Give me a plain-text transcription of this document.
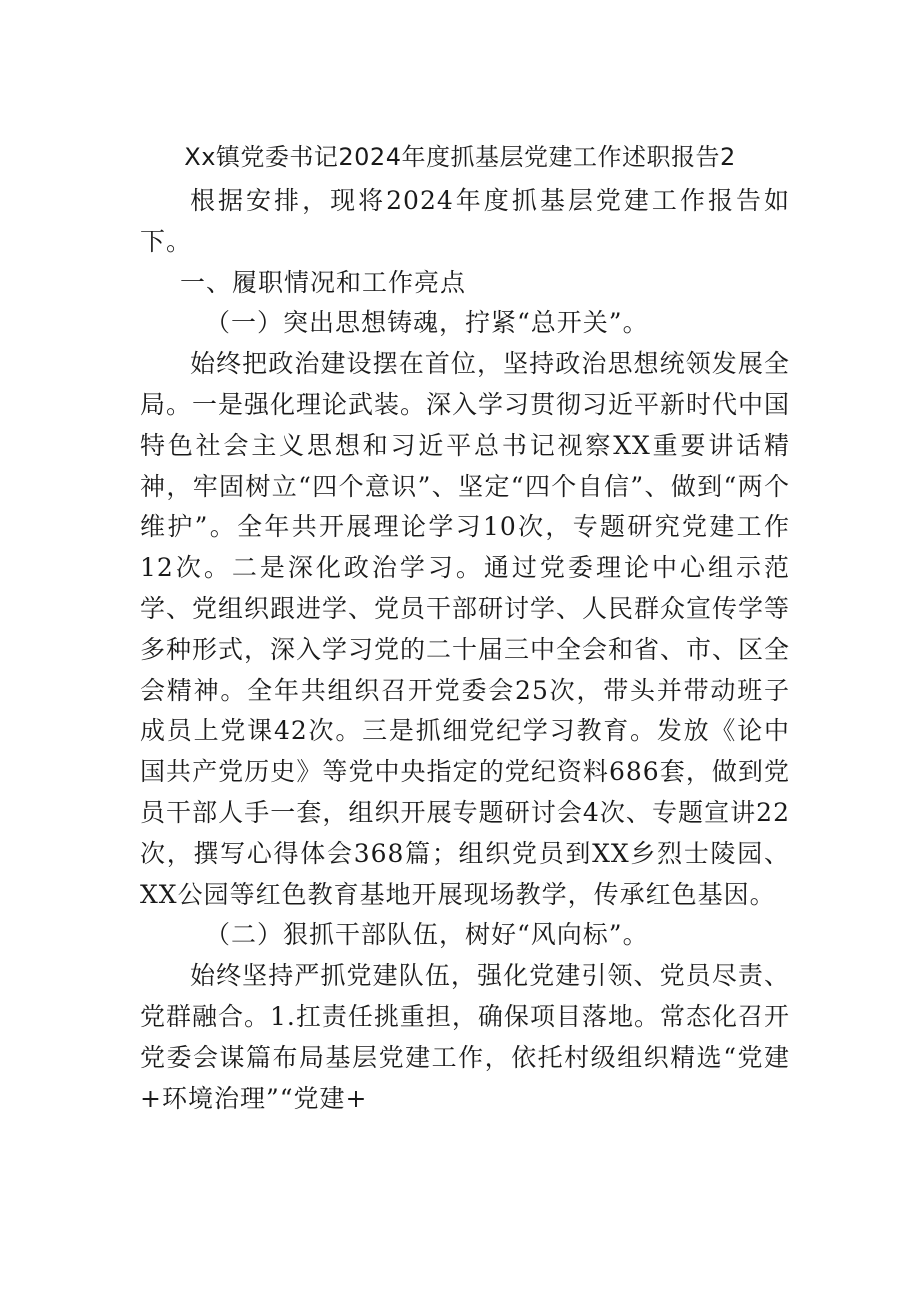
Xx镇党委书记2024年度抓基层党建工作述职报告2

根据安排，现将2024年度抓基层党建工作报告如下。

一、履职情况和工作亮点

（一）突出思想铸魂，拧紧“总开关”。

始终把政治建设摆在首位，坚持政治思想统领发展全局。一是强化理论武装。深入学习贯彻习近平新时代中国特色社会主义思想和习近平总书记视察XX重要讲话精神，牢固树立“四个意识”、坚定“四个自信”、做到“两个维护”。全年共开展理论学习10次，专题研究党建工作12次。二是深化政治学习。通过党委理论中心组示范学、党组织跟进学、党员干部研讨学、人民群众宣传学等多种形式，深入学习党的二十届三中全会和省、市、区全会精神。全年共组织召开党委会25次，带头并带动班子成员上党课42次。三是抓细党纪学习教育。发放《论中国共产党历史》等党中央指定的党纪资料686套，做到党员干部人手一套，组织开展专题研讨会4次、专题宣讲22次，撰写心得体会368篇；组织党员到XX乡烈士陵园、XX公园等红色教育基地开展现场教学，传承红色基因。

（二）狠抓干部队伍，树好“风向标”。

始终坚持严抓党建队伍，强化党建引领、党员尽责、党群融合。1.扛责任挑重担，确保项目落地。常态化召开党委会谋篇布局基层党建工作，依托村级组织精选“党建+环境治理”“党建+
